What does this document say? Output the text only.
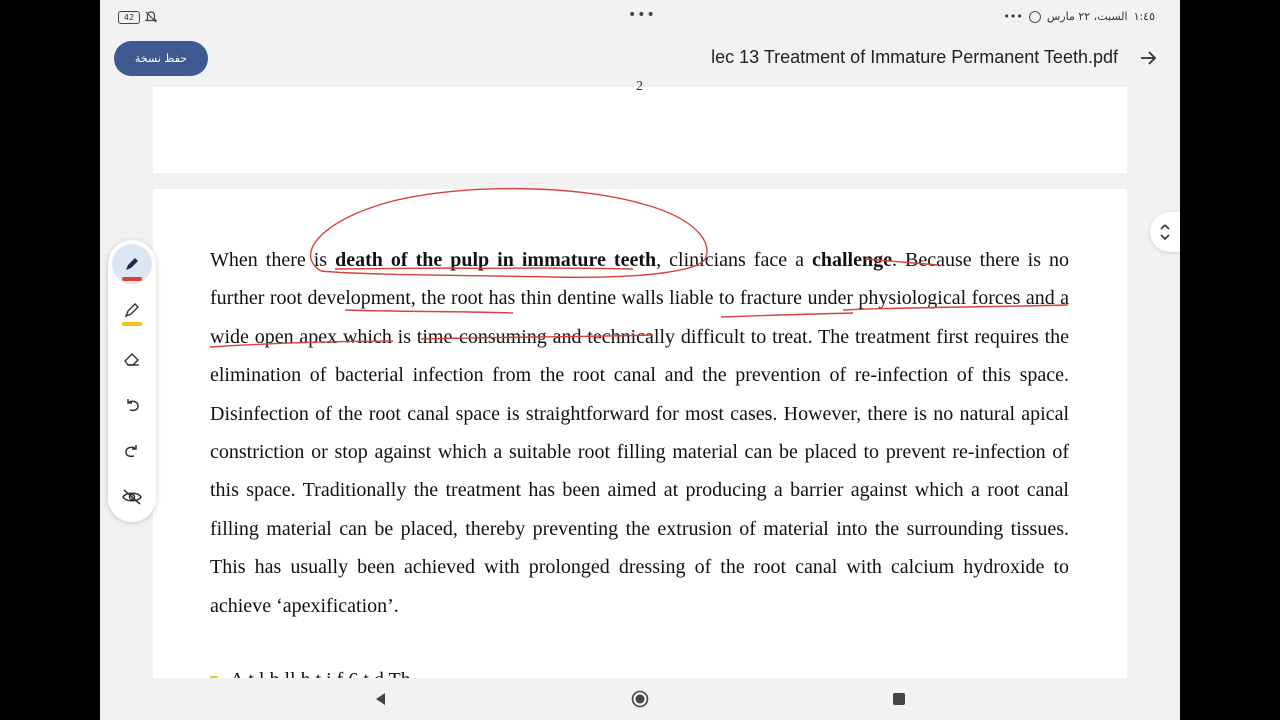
42	•••	••• السبت، ٢٢ مارس ١:٤٥
حفظ نسخة	lec 13 Treatment of Immature Permanent Teeth.pdf
2
When there is death of the pulp in immature teeth, clinicians face a challenge. Because there is no further root development, the root has thin dentine walls liable to fracture under physiological forces and a wide open apex which is time-consuming and technically difficult to treat. The treatment first requires the elimination of bacterial infection from the root canal and the prevention of re-infection of this space. Disinfection of the root canal space is straightforward for most cases. However, there is no natural apical constriction or stop against which a suitable root filling material can be placed to prevent re-infection of this space. Traditionally the treatment has been aimed at producing a barrier against which a root canal filling material can be placed, thereby preventing the extrusion of material into the surrounding tissues. This has usually been achieved with prolonged dressing of the root canal with calcium hydroxide to achieve ‘apexification’.
